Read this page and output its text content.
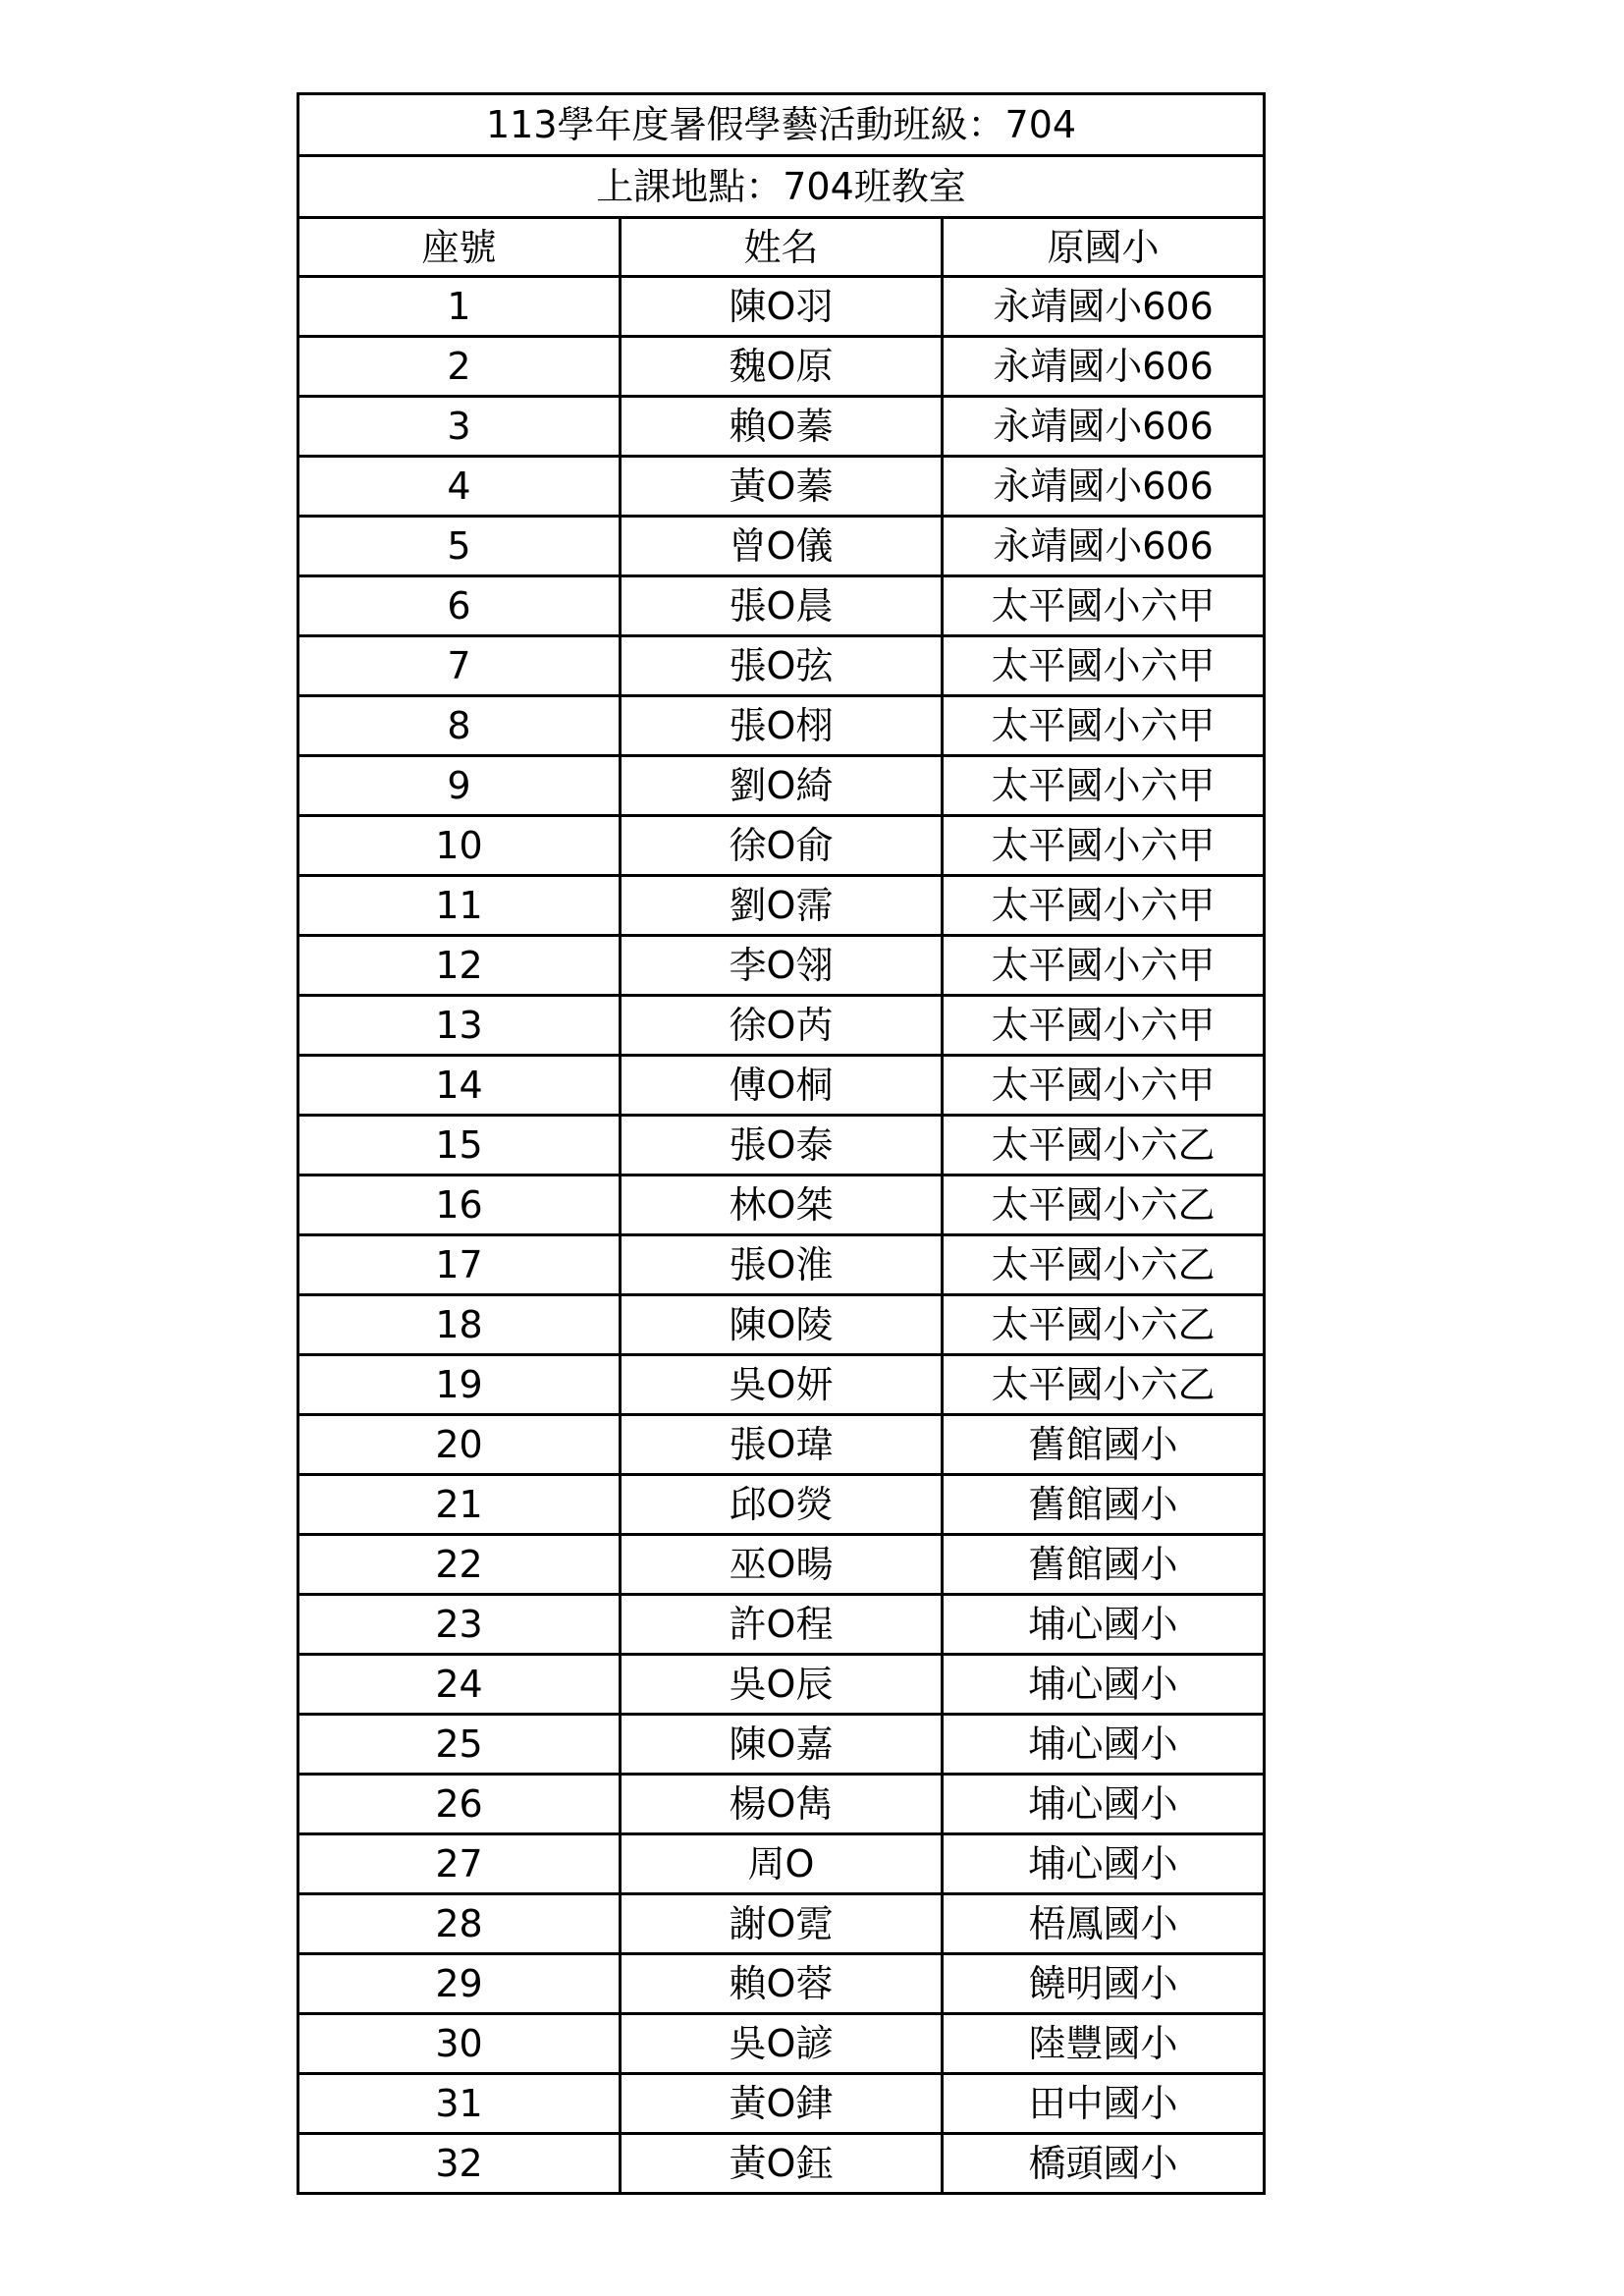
113學年度暑假學藝活動班級：704		
上課地點：704班教室		
座號	姓名	原國小
1	陳O羽	永靖國小606
2	魏O原	永靖國小606
3	賴O蓁	永靖國小606
4	黃O蓁	永靖國小606
5	曾O儀	永靖國小606
6	張O晨	太平國小六甲
7	張O弦	太平國小六甲
8	張O栩	太平國小六甲
9	劉O綺	太平國小六甲
10	徐O俞	太平國小六甲
11	劉O霈	太平國小六甲
12	李O翎	太平國小六甲
13	徐O芮	太平國小六甲
14	傅O桐	太平國小六甲
15	張O泰	太平國小六乙
16	林O桀	太平國小六乙
17	張O淮	太平國小六乙
18	陳O陵	太平國小六乙
19	吳O妍	太平國小六乙
20	張O瑋	舊館國小
21	邱O熒	舊館國小
22	巫O暘	舊館國小
23	許O程	埔心國小
24	吳O辰	埔心國小
25	陳O嘉	埔心國小
26	楊O雋	埔心國小
27	周O	埔心國小
28	謝O霓	梧鳳國小
29	賴O蓉	饒明國小
30	吳O諺	陸豐國小
31	黃O銉	田中國小
32	黃O鈺	橋頭國小
